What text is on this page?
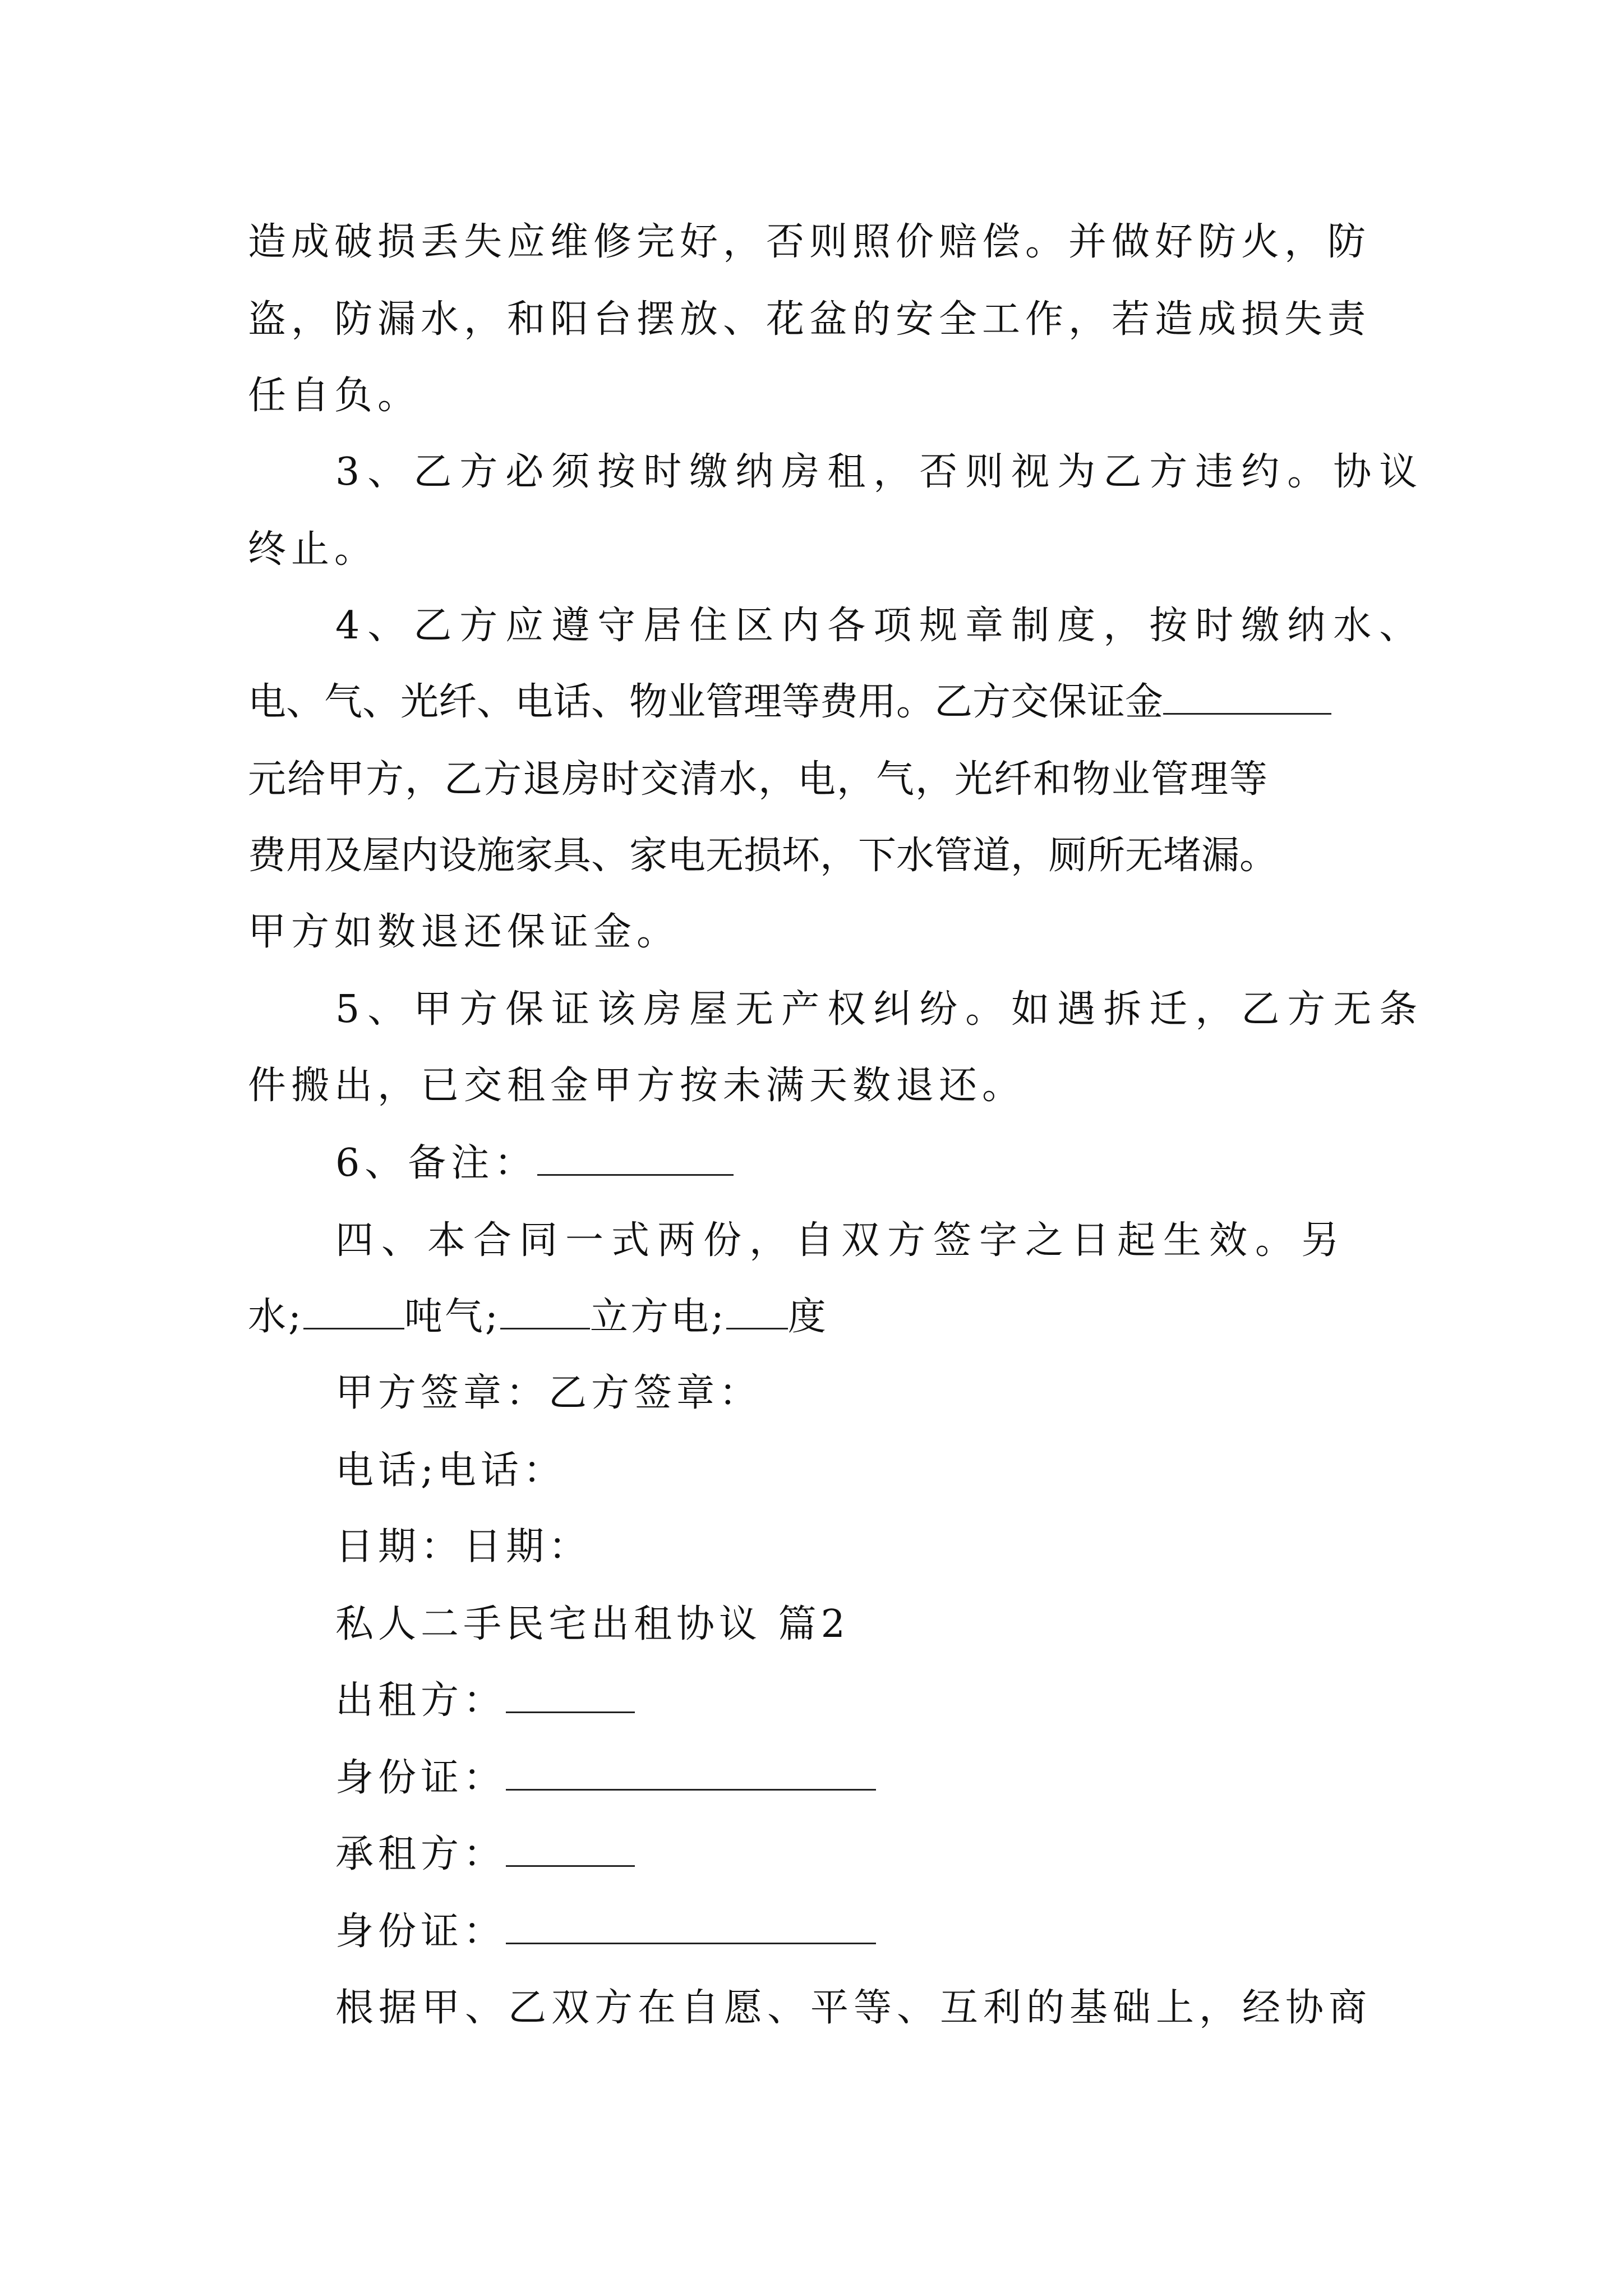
造成破损丢失应维修完好，否则照价赔偿。并做好防火，防
盗，防漏水，和阳台摆放、花盆的安全工作，若造成损失责
任自负。
3、乙方必须按时缴纳房租，否则视为乙方违约。协议
终止。
4、乙方应遵守居住区内各项规章制度，按时缴纳水、
电、气、光纤、电话、物业管理等费用。乙方交保证金
元给甲方，乙方退房时交清水，电，气，光纤和物业管理等
费用及屋内设施家具、家电无损坏，下水管道，厕所无堵漏。
甲方如数退还保证金。
5、甲方保证该房屋无产权纠纷。如遇拆迁，乙方无条
件搬出，已交租金甲方按未满天数退还。
6、备注：
四、本合同一式两份，自双方签字之日起生效。另
水;	吨气; 立方电; 度
甲方签章：乙方签章：
电话;电话：
日期：日期：
私人二手民宅出租协议 篇2
出租方：
身份证：
承租方：
身份证：
根据甲、乙双方在自愿、平等、互利的基础上，经协商
